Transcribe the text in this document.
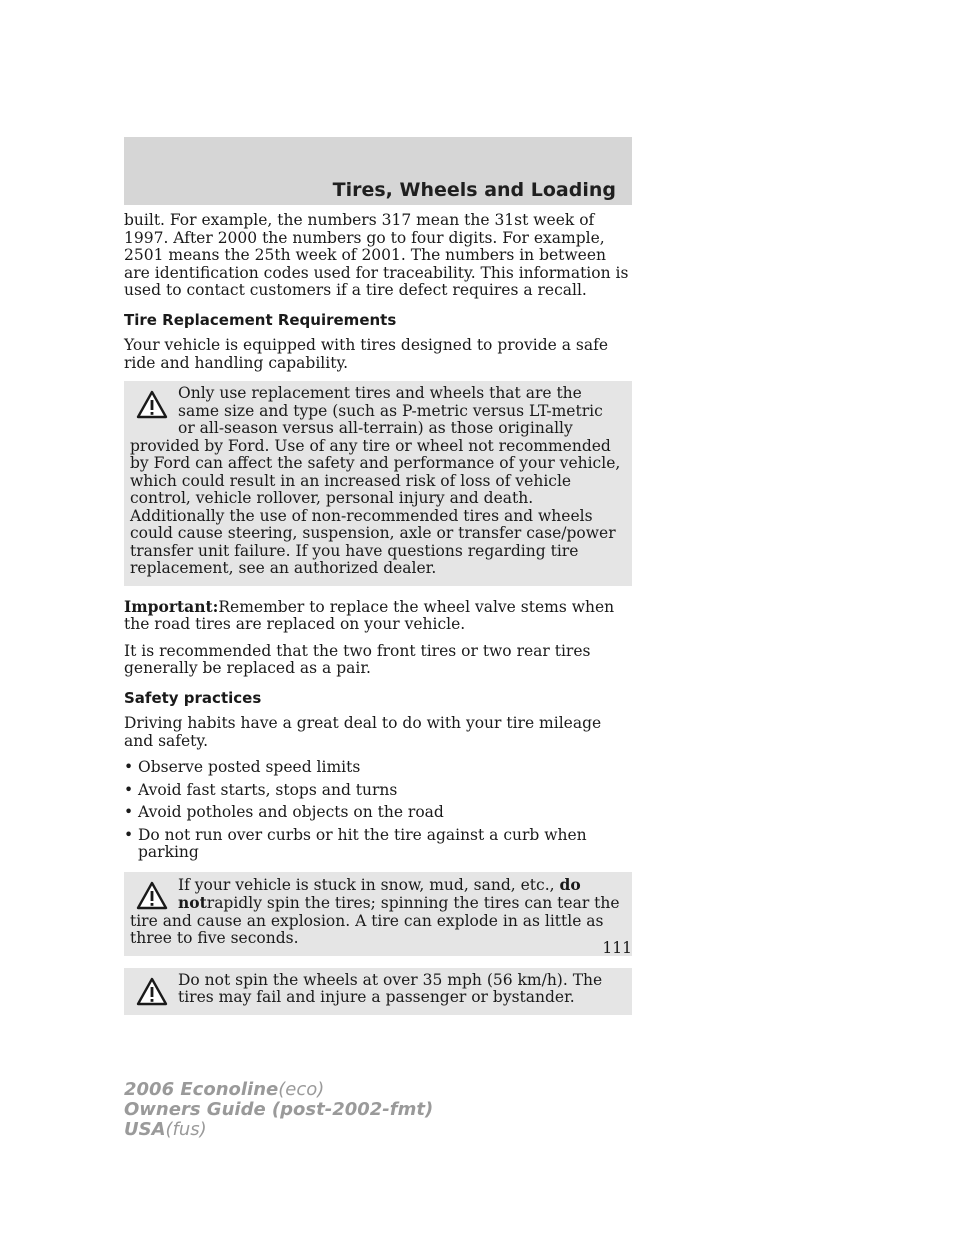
Tires, Wheels and Loading

built. For example, the numbers 317 mean the 31st week of 1997. After 2000 the numbers go to four digits. For example, 2501 means the 25th week of 2001. The numbers in between are identification codes used for traceability. This information is used to contact customers if a tire defect requires a recall.

Tire Replacement Requirements

Your vehicle is equipped with tires designed to provide a safe ride and handling capability.

Only use replacement tires and wheels that are the same size and type (such as P-metric versus LT-metric or all-season versus all-terrain) as those originally provided by Ford. Use of any tire or wheel not recommended by Ford can affect the safety and performance of your vehicle, which could result in an increased risk of loss of vehicle control, vehicle rollover, personal injury and death. Additionally the use of non-recommended tires and wheels could cause steering, suspension, axle or transfer case/power transfer unit failure. If you have questions regarding tire replacement, see an authorized dealer.

Important:Remember to replace the wheel valve stems when the road tires are replaced on your vehicle.

It is recommended that the two front tires or two rear tires generally be replaced as a pair.

Safety practices

Driving habits have a great deal to do with your tire mileage and safety.

• Observe posted speed limits
• Avoid fast starts, stops and turns
• Avoid potholes and objects on the road
• Do not run over curbs or hit the tire against a curb when parking

If your vehicle is stuck in snow, mud, sand, etc., do notrapidly spin the tires; spinning the tires can tear the tire and cause an explosion. A tire can explode in as little as three to five seconds.

Do not spin the wheels at over 35 mph (56 km/h). The tires may fail and injure a passenger or bystander.

111
2006 Econoline(eco)
Owners Guide (post-2002-fmt)
USA(fus)
